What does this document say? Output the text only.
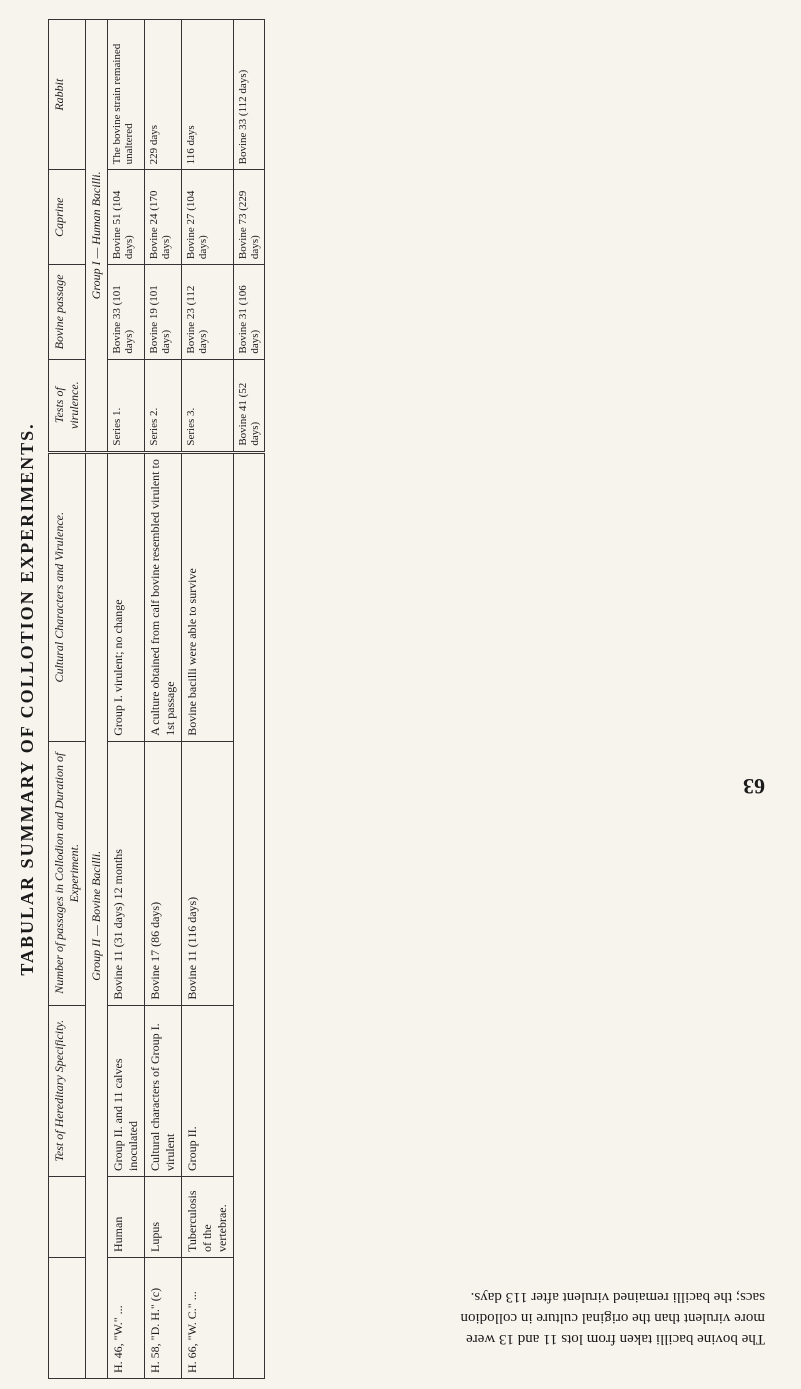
63
TABULAR SUMMARY OF COLLOTION EXPERIMENTS.
		Test of Hereditary Specificity.	Number of passages in Collodion and Duration of Experiment.	Cultural Characters and Virulence.	Tests of virulence.	Bovine passage	Caprine	Rabbit
Group II — Bovine Bacilli.					Group I — Human Bacilli.			
H. 46, "W." ...	Human	Group II. and 11 calves inoculated	Bovine 11 (31 days) 12 months	Group I. virulent; no change	Series 1.	Bovine 33 (101 days)	Bovine 51 (104 days)	The bovine strain remained unaltered
H. 58, "D. H." (c)	Lupus	Cultural characters of Group I. virulent	Bovine 17 (86 days)	A culture obtained from calf bovine resembled virulent to 1st passage	Series 2.	Bovine 19 (101 days)	Bovine 24 (170 days)	229 days
H. 66, "W. C." ...	Tuberculosis of the vertebrae.	Group II.	Bovine 11 (116 days)	Bovine bacilli were able to survive	Series 3.	Bovine 23 (112 days)	Bovine 27 (104 days)	116 days
					Bovine 41 (52 days)	Bovine 31 (106 days)	Bovine 73 (229 days)	Bovine 33 (112 days)
The bovine bacilli taken from lots 11 and 13 were
more virulent than the original culture in collodion
sacs; the bacilli remained virulent after 113 days.
